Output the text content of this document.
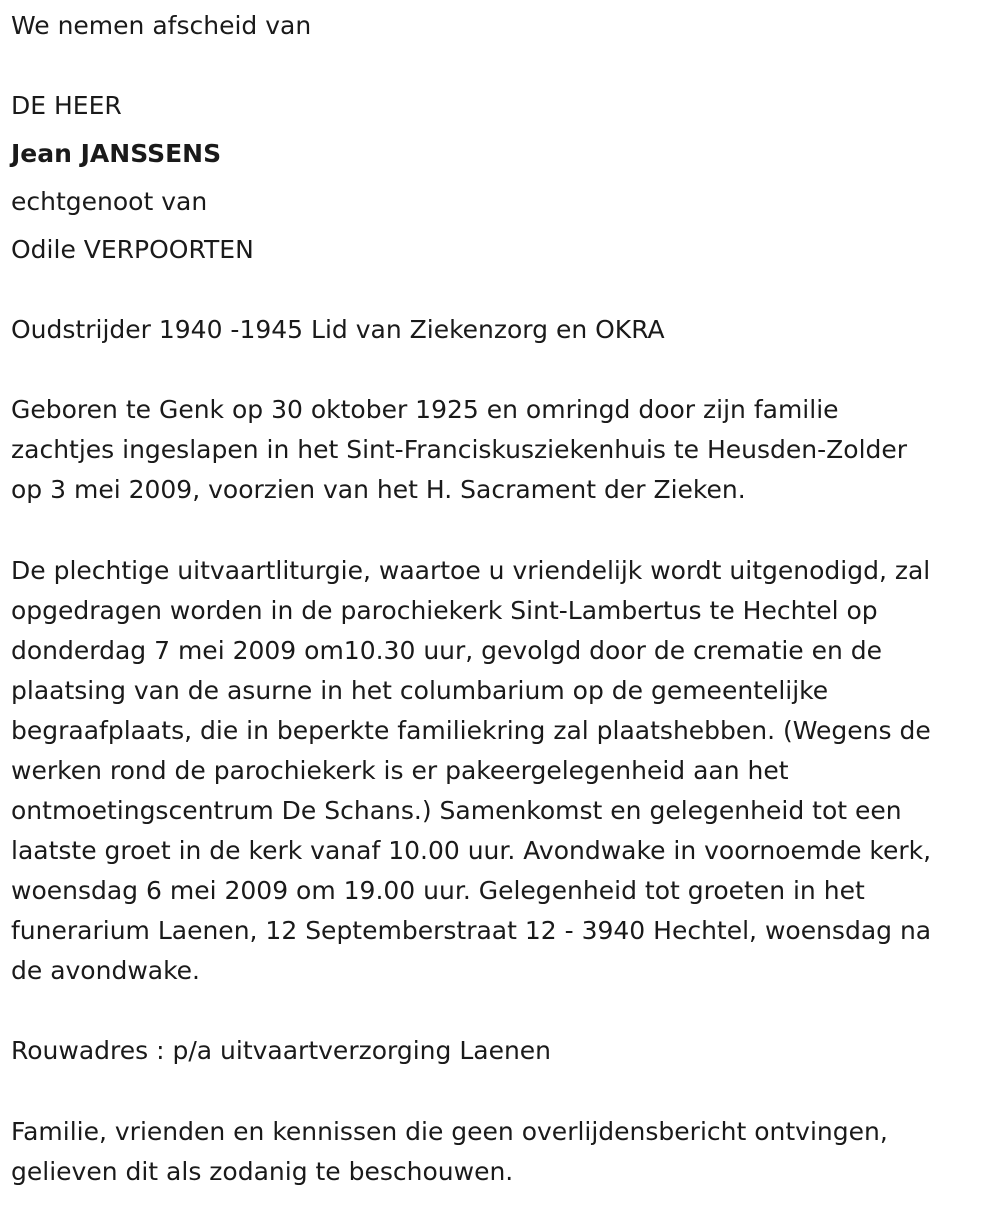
We nemen afscheid van
DE HEER
Jean JANSSENS
echtgenoot van
Odile VERPOORTEN
Oudstrijder 1940 -1945 Lid van Ziekenzorg en OKRA
Geboren te Genk op 30 oktober 1925 en omringd door zijn familie
zachtjes ingeslapen in het Sint-Franciskusziekenhuis te Heusden-Zolder
op 3 mei 2009, voorzien van het H. Sacrament der Zieken.
De plechtige uitvaartliturgie, waartoe u vriendelijk wordt uitgenodigd, zal
opgedragen worden in de parochiekerk Sint-Lambertus te Hechtel op
donderdag 7 mei 2009 om10.30 uur, gevolgd door de crematie en de
plaatsing van de asurne in het columbarium op de gemeentelijke
begraafplaats, die in beperkte familiekring zal plaatshebben. (Wegens de
werken rond de parochiekerk is er pakeergelegenheid aan het
ontmoetingscentrum De Schans.) Samenkomst en gelegenheid tot een
laatste groet in de kerk vanaf 10.00 uur. Avondwake in voornoemde kerk,
woensdag 6 mei 2009 om 19.00 uur. Gelegenheid tot groeten in het
funerarium Laenen, 12 Septemberstraat 12 - 3940 Hechtel, woensdag na
de avondwake.
Rouwadres : p/a uitvaartverzorging Laenen
Familie, vrienden en kennissen die geen overlijdensbericht ontvingen,
gelieven dit als zodanig te beschouwen.
